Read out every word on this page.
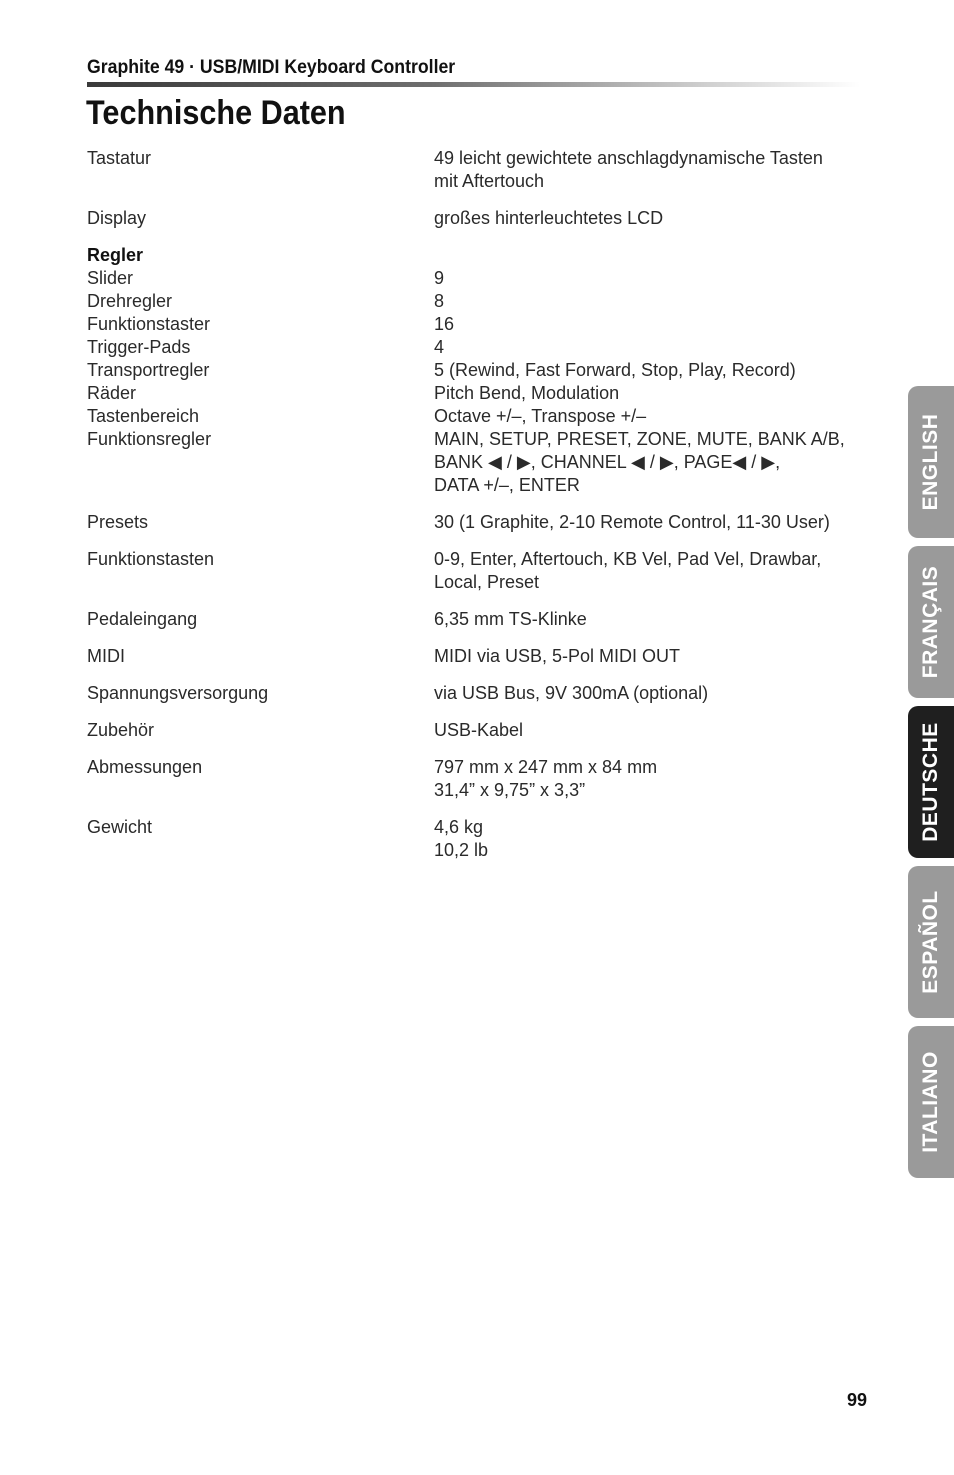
Graphite 49 · USB/MIDI Keyboard Controller
Technische Daten
Tastatur	49 leicht gewichtete anschlagdynamische Tasten
mit Aftertouch
Display	großes hinterleuchtetes LCD
Regler
Slider	9
Drehregler	8
Funktionstaster	16
Trigger-Pads	4
Transportregler	5 (Rewind, Fast Forward, Stop, Play, Record)
Räder	Pitch Bend, Modulation
Tastenbereich	Octave +/–, Transpose +/–
Funktionsregler	MAIN, SETUP, PRESET, ZONE, MUTE, BANK A/B,
BANK ◀ / ▶, CHANNEL ◀ / ▶, PAGE◀ / ▶,
DATA +/–, ENTER
Presets	30 (1 Graphite, 2-10 Remote Control, 11-30 User)
Funktionstasten	0-9, Enter, Aftertouch, KB Vel, Pad Vel, Drawbar,
Local, Preset
Pedaleingang	6,35 mm TS-Klinke
MIDI	MIDI via USB, 5-Pol MIDI OUT
Spannungsversorgung	via USB Bus, 9V 300mA (optional)
Zubehör	USB-Kabel
Abmessungen	797 mm x 247 mm x 84 mm
31,4” x 9,75” x 3,3”
Gewicht	4,6 kg
10,2 lb
ENGLISH
FRANÇAIS
DEUTSCHE
ESPAÑOL
ITALIANO
99
